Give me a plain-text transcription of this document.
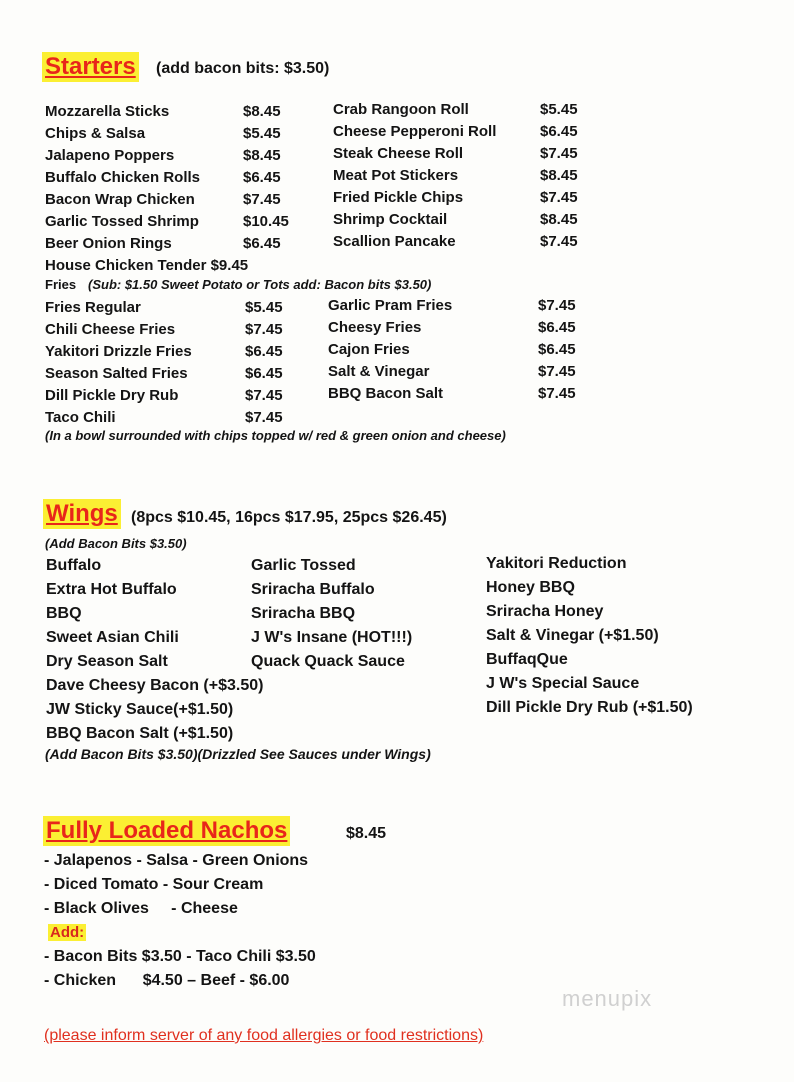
Starters (add bacon bits: $3.50)
Mozzarella Sticks	$8.45
Chips & Salsa	$5.45
Jalapeno Poppers	$8.45
Buffalo Chicken Rolls	$6.45
Bacon Wrap Chicken	$7.45
Garlic Tossed Shrimp	$10.45
Beer Onion Rings	$6.45
Crab Rangoon Roll	$5.45
Cheese Pepperoni Roll	$6.45
Steak Cheese Roll	$7.45
Meat Pot Stickers	$8.45
Fried Pickle Chips	$7.45
Shrimp Cocktail	$8.45
Scallion Pancake	$7.45
House Chicken Tender $9.45
Fries (Sub: $1.50 Sweet Potato or Tots add: Bacon bits $3.50)
Fries Regular	$5.45
Chili Cheese Fries	$7.45
Yakitori Drizzle Fries	$6.45
Season Salted Fries	$6.45
Dill Pickle Dry Rub	$7.45
Taco Chili	$7.45
Garlic Pram Fries	$7.45
Cheesy Fries	$6.45
Cajon Fries	$6.45
Salt & Vinegar	$7.45
BBQ Bacon Salt	$7.45
(In a bowl surrounded with chips topped w/ red & green onion and cheese)
Wings (8pcs $10.45, 16pcs $17.95, 25pcs $26.45)
(Add Bacon Bits $3.50)
Buffalo
Extra Hot Buffalo
BBQ
Sweet Asian Chili
Dry Season Salt
Garlic Tossed
Sriracha Buffalo
Sriracha BBQ
J W's Insane (HOT!!!)
Quack Quack Sauce
Yakitori Reduction
Honey BBQ
Sriracha Honey
Salt & Vinegar (+$1.50)
BuffaqQue
J W's Special Sauce
Dill Pickle Dry Rub (+$1.50)
Dave Cheesy Bacon (+$3.50)
JW Sticky Sauce(+$1.50)
BBQ Bacon Salt (+$1.50)
(Add Bacon Bits $3.50)(Drizzled See Sauces under Wings)
Fully Loaded Nachos	$8.45
- Jalapenos - Salsa - Green Onions
- Diced Tomato - Sour Cream
- Black Olives     - Cheese
Add:
- Bacon Bits $3.50 - Taco Chili $3.50
- Chicken      $4.50 – Beef - $6.00
menupix
(please inform server of any food allergies or food restrictions)
